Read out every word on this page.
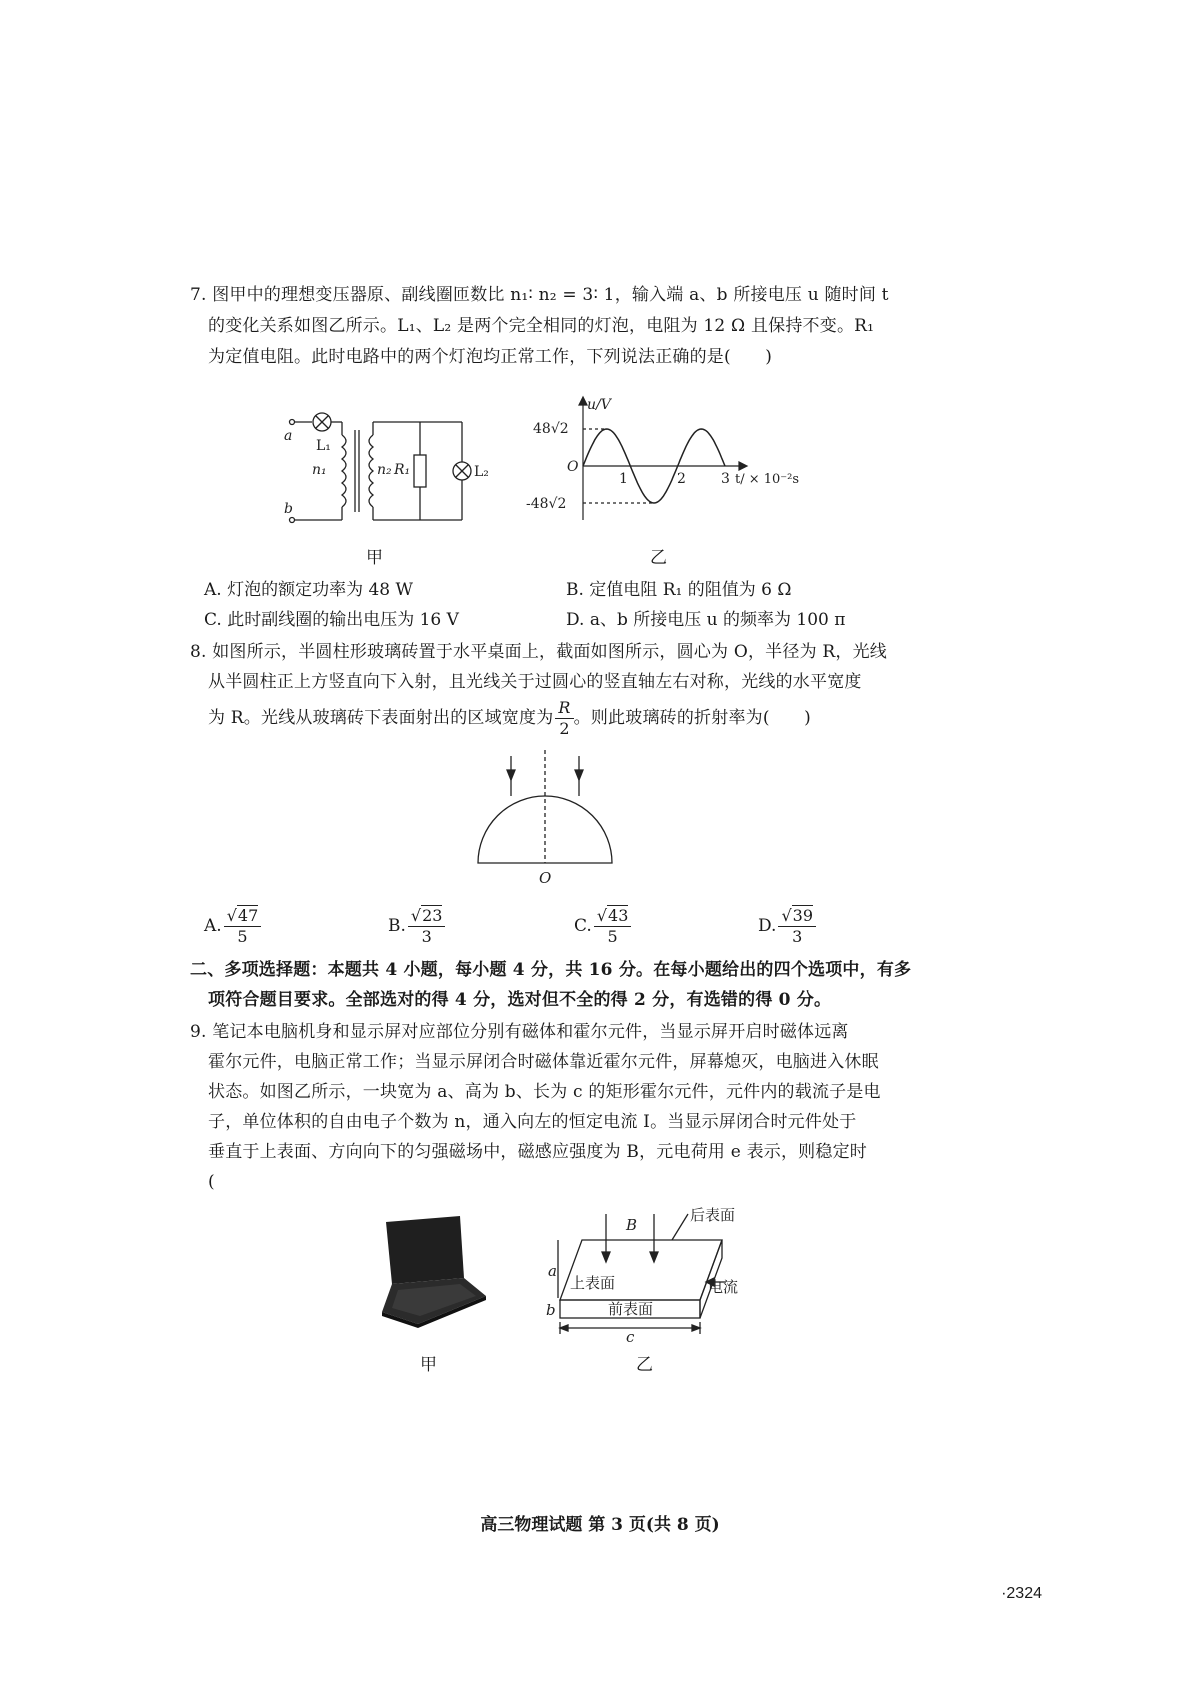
7. 图甲中的理想变压器原、副线圈匝数比 n₁∶ n₂ = 3∶ 1，输入端 a、b 所接电压 u 随时间 t
的变化关系如图乙所示。L₁、L₂ 是两个完全相同的灯泡，电阻为 12 Ω 且保持不变。R₁
为定值电阻。此时电路中的两个灯泡均正常工作，下列说法正确的是(　　)
a
b
L₁
n₁	n₂ R₁	L₂
u/V
48√2
-48√2
O
1	2	3 t/ × 10⁻²s
甲	乙
A. 灯泡的额定功率为 48 W	B. 定值电阻 R₁ 的阻值为 6 Ω
C. 此时副线圈的输出电压为 16 V	D. a、b 所接电压 u 的频率为 100 π
8. 如图所示，半圆柱形玻璃砖置于水平桌面上，截面如图所示，圆心为 O，半径为 R，光线
从半圆柱正上方竖直向下入射，且光线关于过圆心的竖直轴左右对称，光线的水平宽度
为 R。光线从玻璃砖下表面射出的区域宽度为 $\frac{R}{2}$ 。则此玻璃砖的折射率为(　　)
O
A. $\frac{√47}{5}$	B. $\frac{√23}{3}$	C. $\frac{√43}{5}$	D. $\frac{√39}{3}$
二、多项选择题：本题共 4 小题，每小题 4 分，共 16 分。在每小题给出的四个选项中，有多
项符合题目要求。全部选对的得 4 分，选对但不全的得 2 分，有选错的得 0 分。
9. 笔记本电脑机身和显示屏对应部位分别有磁体和霍尔元件，当显示屏开启时磁体远离
霍尔元件，电脑正常工作；当显示屏闭合时磁体靠近霍尔元件，屏幕熄灭，电脑进入休眠
状态。如图乙所示，一块宽为 a、高为 b、长为 c 的矩形霍尔元件，元件内的载流子是电
子，单位体积的自由电子个数为 n，通入向左的恒定电流 I。当显示屏闭合时元件处于
垂直于上表面、方向向下的匀强磁场中，磁感应强度为 B，元电荷用 e 表示，则稳定时
(
B
后表面
上表面	电流
前表面
a
b
c
甲	乙
高三物理试题 第 3 页(共 8 页)
·2324
